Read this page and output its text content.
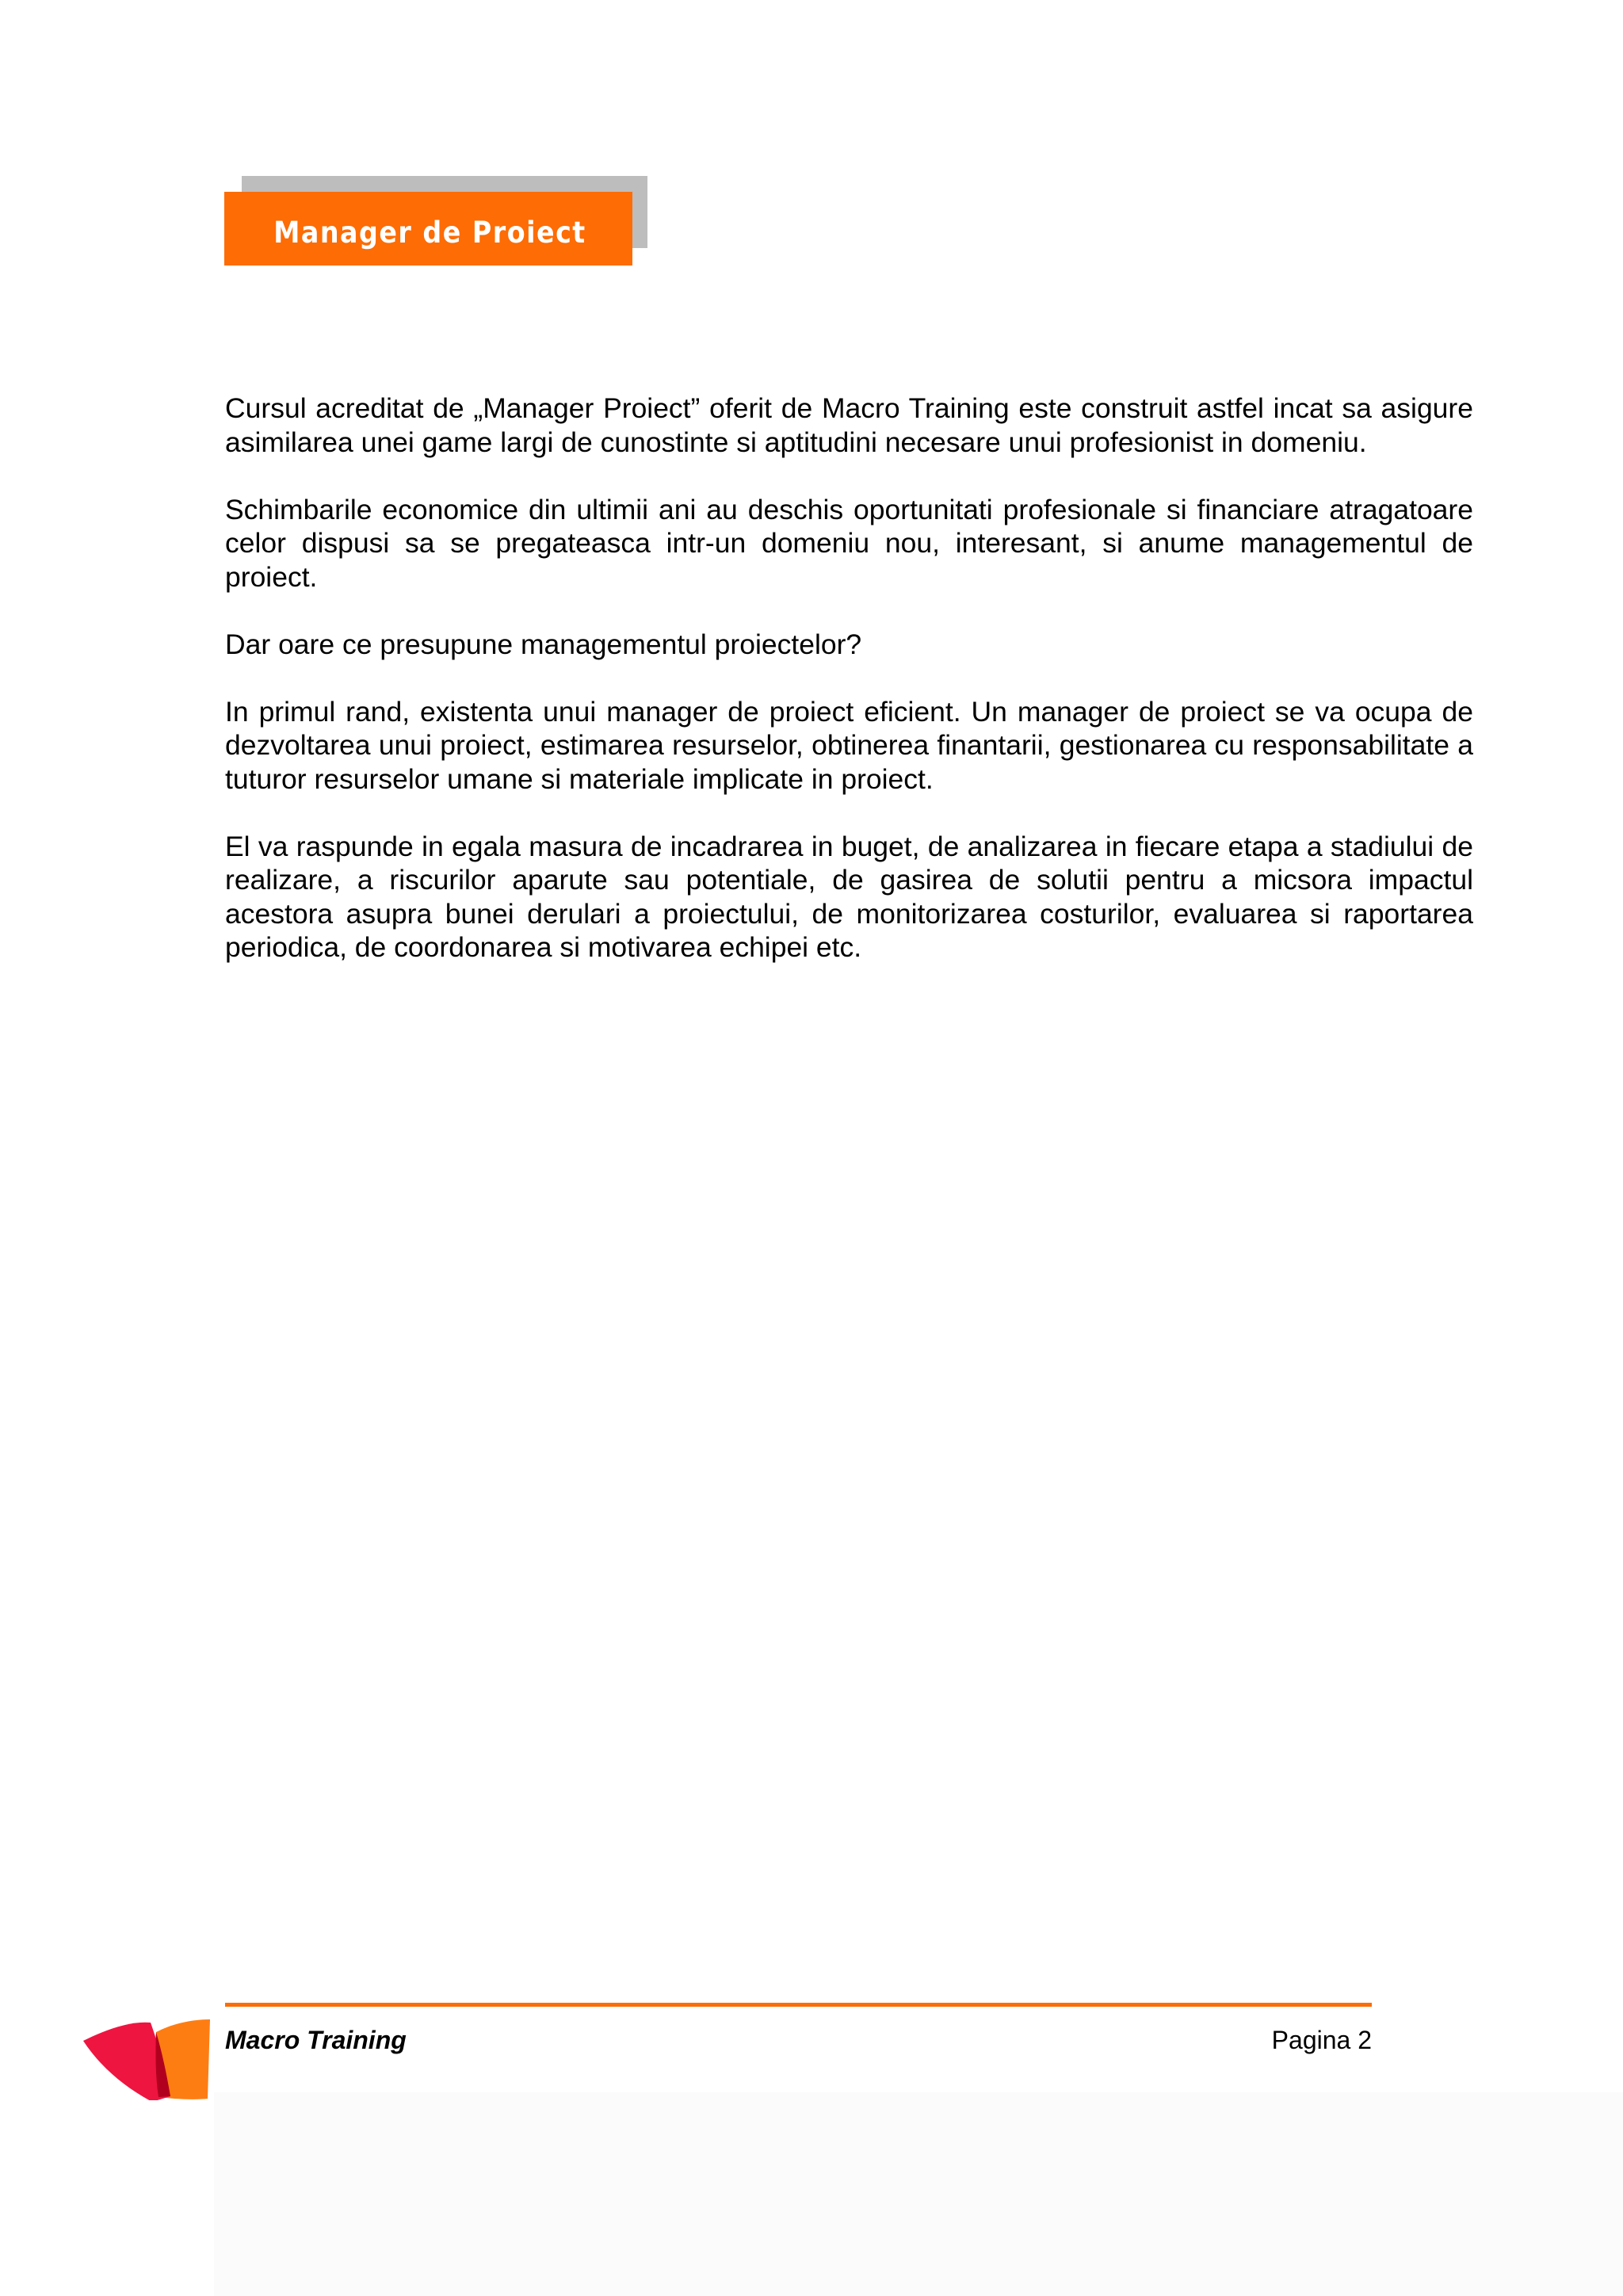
Manager de Proiect

Cursul acreditat de „Manager Proiect” oferit de Macro Training este construit astfel incat sa asigure asimilarea unei game largi de cunostinte si aptitudini necesare unui profesionist in domeniu.

Schimbarile economice din ultimii ani au deschis oportunitati profesionale si financiare atragatoare celor dispusi sa se pregateasca intr-un domeniu nou, interesant, si anume managementul de proiect.

Dar oare ce presupune managementul proiectelor?

In primul rand, existenta unui manager de proiect eficient. Un manager de proiect se va ocupa de dezvoltarea unui proiect, estimarea resurselor, obtinerea finantarii, gestionarea cu responsabilitate a tuturor resurselor umane si materiale implicate in proiect.

El va raspunde in egala masura de incadrarea in buget, de analizarea in fiecare etapa a stadiului de realizare, a riscurilor aparute sau potentiale, de gasirea de solutii pentru a micsora impactul acestora asupra bunei derulari a proiectului, de monitorizarea costurilor, evaluarea si raportarea periodica, de coordonarea si motivarea echipei etc.

Macro Training	Pagina 2
